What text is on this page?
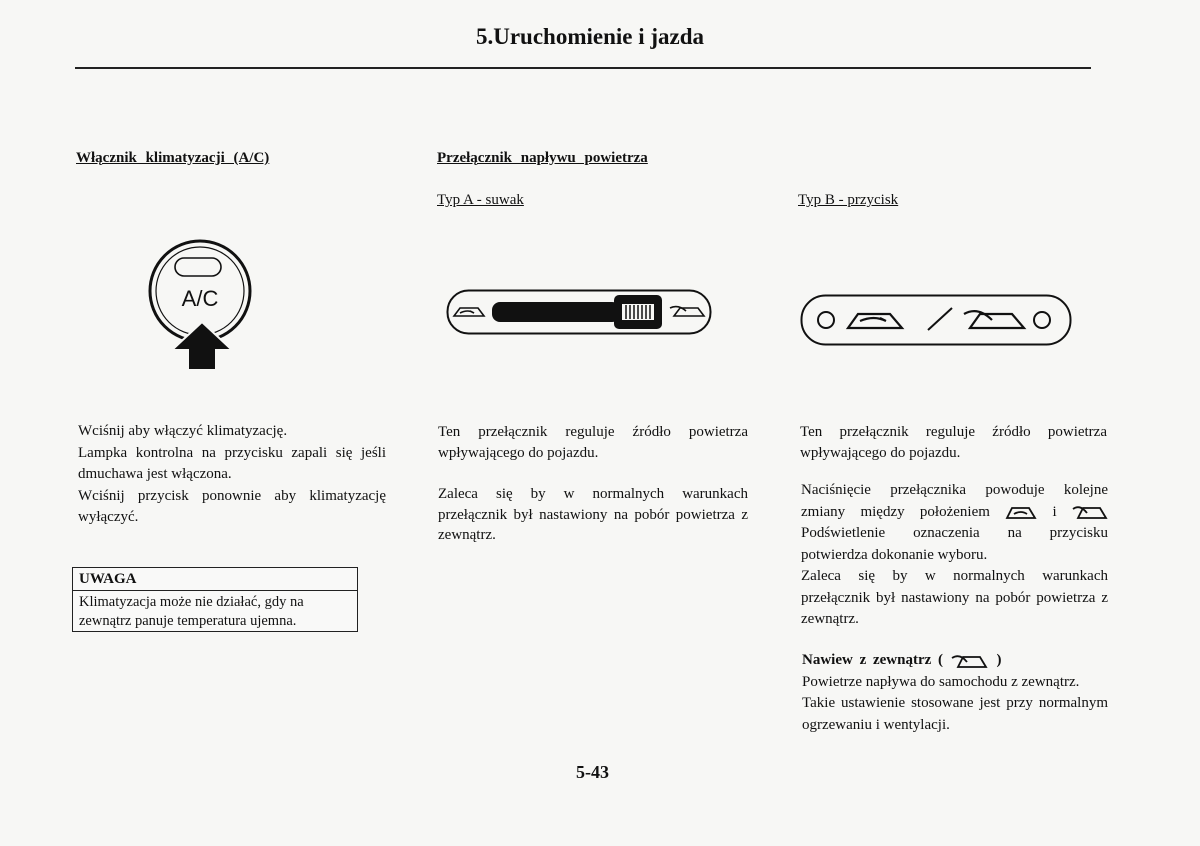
5.Uruchomienie i jazda
Włącznik klimatyzacji (A/C)
A/C

Wciśnij aby włączyć klimatyzację.

Lampka kontrolna na przycisku zapali się jeśli dmuchawa jest włączona.

Wciśnij przycisk ponownie aby klimatyzację wyłączyć.

UWAGA
Klimatyzacja może nie działać, gdy na zewnątrz panuje temperatura ujemna.
Przełącznik napływu powietrza
Typ A - suwak

Ten przełącznik reguluje źródło powietrza wpływającego do pojazdu.

Zaleca się by w normalnych warunkach przełącznik był nastawiony na pobór powietrza z zewnątrz.

Typ B - przycisk

Ten przełącznik reguluje źródło powietrza wpływającego do pojazdu.

Naciśnięcie przełącznika powoduje kolejne

zmiany między położeniem	i

Podświetlenie oznaczenia na przycisku

potwierdza dokonanie wyboru.

Zaleca się by w normalnych warunkach przełącznik był nastawiony na pobór powietrza z zewnątrz.

Nawiew z zewnątrz (	)

Powietrze napływa do samochodu z zewnątrz.

Takie ustawienie stosowane jest przy normalnym ogrzewaniu i wentylacji.

5-43
